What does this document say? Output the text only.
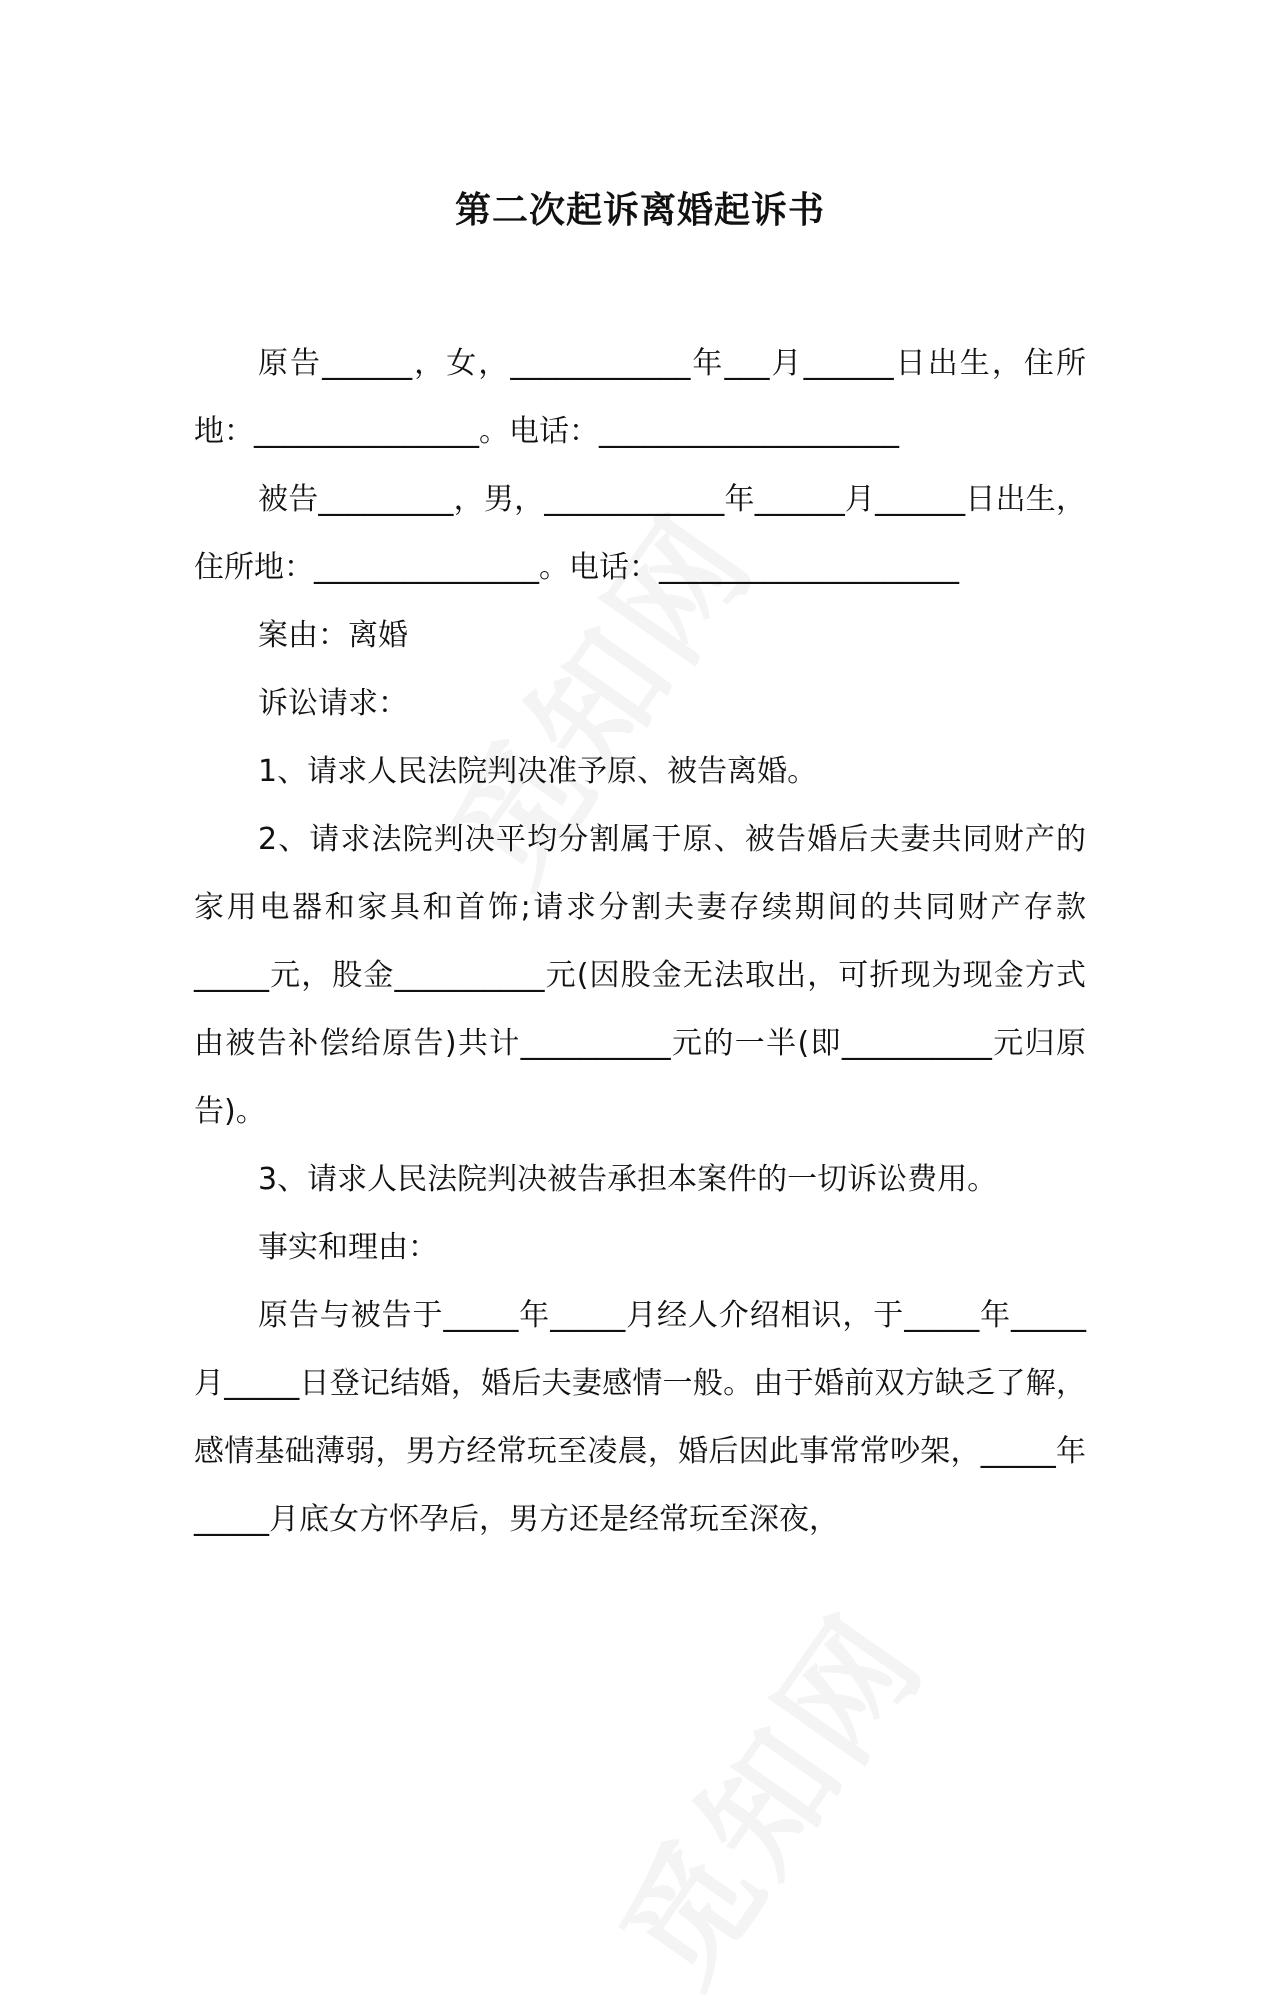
第二次起诉离婚起诉书

原告______，女，____________年___月______日出生，住所地：_______________。电话：____________________

被告_________，男，____________年______月______日出生，住所地：_______________。电话：____________________

案由：离婚

诉讼请求：

1、请求人民法院判决准予原、被告离婚。

2、请求法院判决平均分割属于原、被告婚后夫妻共同财产的家用电器和家具和首饰;请求分割夫妻存续期间的共同财产存款_____元，股金__________元(因股金无法取出，可折现为现金方式由被告补偿给原告)共计__________元的一半(即__________元归原告)。

3、请求人民法院判决被告承担本案件的一切诉讼费用。

事实和理由：

原告与被告于_____年_____月经人介绍相识，于_____年_____月_____日登记结婚，婚后夫妻感情一般。由于婚前双方缺乏了解，感情基础薄弱，男方经常玩至凌晨，婚后因此事常常吵架，_____年_____月底女方怀孕后，男方还是经常玩至深夜，
